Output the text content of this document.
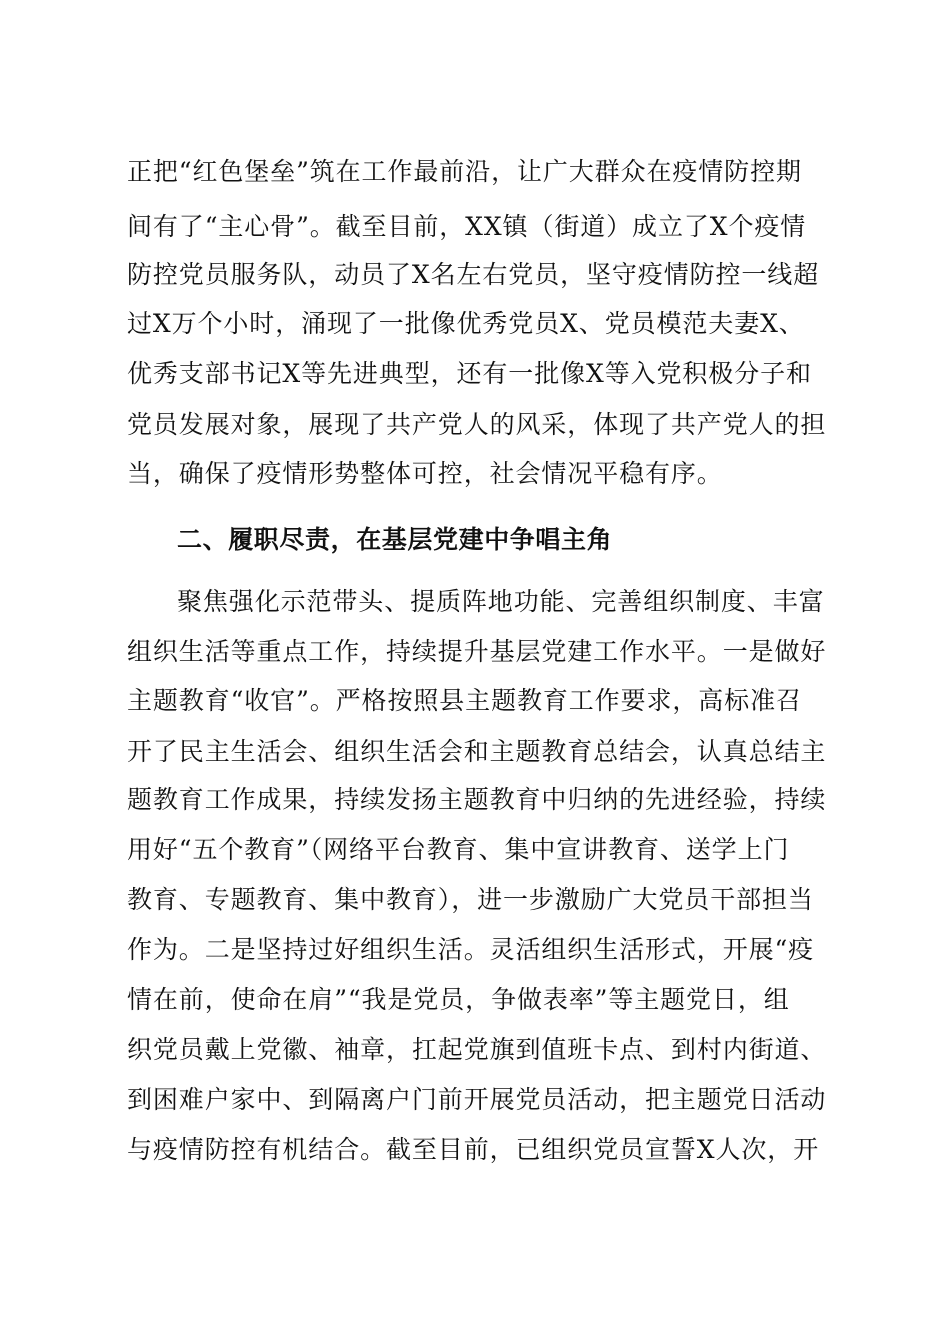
正把“红色堡垒”筑在工作最前沿，让广大群众在疫情防控期
间有了“主心骨”。截至目前，XX镇（街道）成立了X个疫情
防控党员服务队，动员了X名左右党员，坚守疫情防控一线超
过X万个小时，涌现了一批像优秀党员X、党员模范夫妻X、
优秀支部书记X等先进典型，还有一批像X等入党积极分子和
党员发展对象，展现了共产党人的风采，体现了共产党人的担
当，确保了疫情形势整体可控，社会情况平稳有序。
二、履职尽责，在基层党建中争唱主角
聚焦强化示范带头、提质阵地功能、完善组织制度、丰富
组织生活等重点工作，持续提升基层党建工作水平。一是做好
主题教育“收官”。严格按照县主题教育工作要求，高标准召
开了民主生活会、组织生活会和主题教育总结会，认真总结主
题教育工作成果，持续发扬主题教育中归纳的先进经验，持续
用好“五个教育”（网络平台教育、集中宣讲教育、送学上门
教育、专题教育、集中教育），进一步激励广大党员干部担当
作为。二是坚持过好组织生活。灵活组织生活形式，开展“疫
情在前，使命在肩”“我是党员，争做表率”等主题党日，组
织党员戴上党徽、袖章，扛起党旗到值班卡点、到村内街道、
到困难户家中、到隔离户门前开展党员活动，把主题党日活动
与疫情防控有机结合。截至目前，已组织党员宣誓X人次，开
